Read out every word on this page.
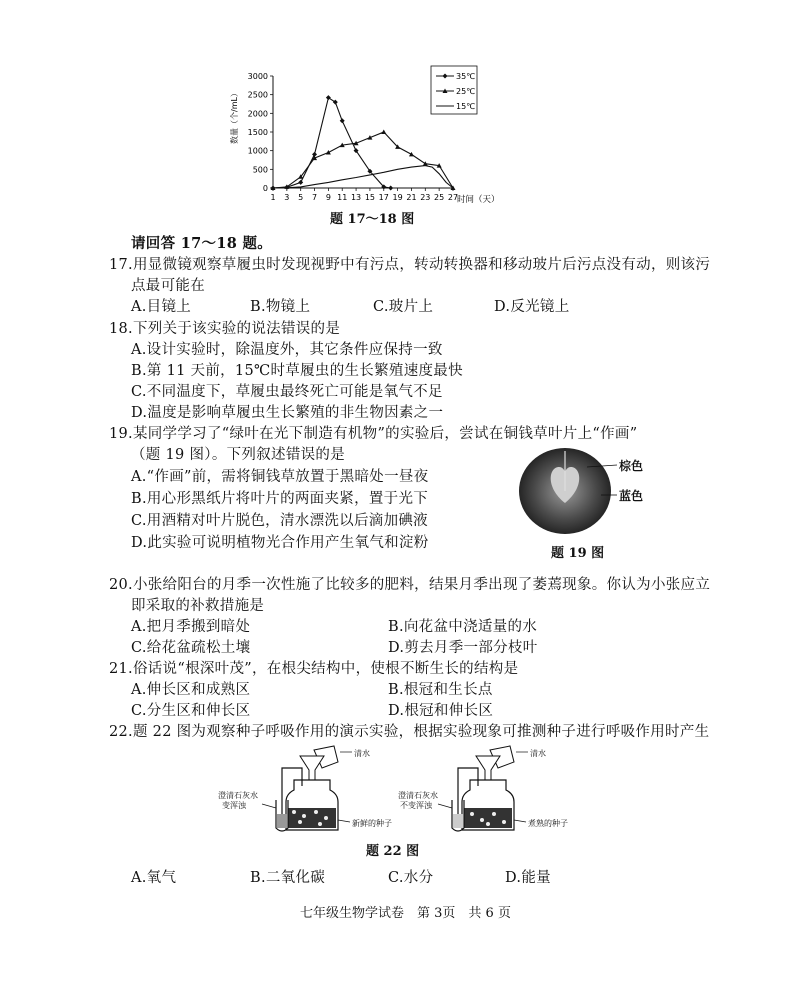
数量（个/mL）
0
500
1000
1500
2000
2500
3000
1 3 5 7 9 11 13 15 17 19 21 23 25 27
时间（天）
35℃
25℃
15℃
题 17～18 图
请回答 17～18 题。
17.用显微镜观察草履虫时发现视野中有污点，转动转换器和移动玻片后污点没有动，则该污
点最可能在
A.目镜上	B.物镜上	C.玻片上	D.反光镜上
18.下列关于该实验的说法错误的是
A.设计实验时，除温度外，其它条件应保持一致
B.第 11 天前，15℃时草履虫的生长繁殖速度最快
C.不同温度下，草履虫最终死亡可能是氧气不足
D.温度是影响草履虫生长繁殖的非生物因素之一
19.某同学学习了“绿叶在光下制造有机物”的实验后，尝试在铜钱草叶片上“作画”
（题 19 图）。下列叙述错误的是
A.“作画”前，需将铜钱草放置于黑暗处一昼夜
B.用心形黑纸片将叶片的两面夹紧，置于光下
C.用酒精对叶片脱色，清水漂洗以后滴加碘液
D.此实验可说明植物光合作用产生氧气和淀粉
棕色
蓝色
题 19 图
20.小张给阳台的月季一次性施了比较多的肥料，结果月季出现了萎蔫现象。你认为小张应立
即采取的补救措施是
A.把月季搬到暗处	B.向花盆中浇适量的水
C.给花盆疏松土壤	D.剪去月季一部分枝叶
21.俗话说“根深叶茂”，在根尖结构中，使根不断生长的结构是
A.伸长区和成熟区	B.根冠和生长点
C.分生区和伸长区	D.根冠和伸长区
22.题 22 图为观察种子呼吸作用的演示实验，根据实验现象可推测种子进行呼吸作用时产生
清水
澄清石灰水
变浑浊
新鲜的种子
清水
澄清石灰水
不变浑浊
煮熟的种子
题 22 图
A.氧气	B.二氧化碳	C.水分	D.能量
七年级生物学试卷　第 3页　共 6 页
